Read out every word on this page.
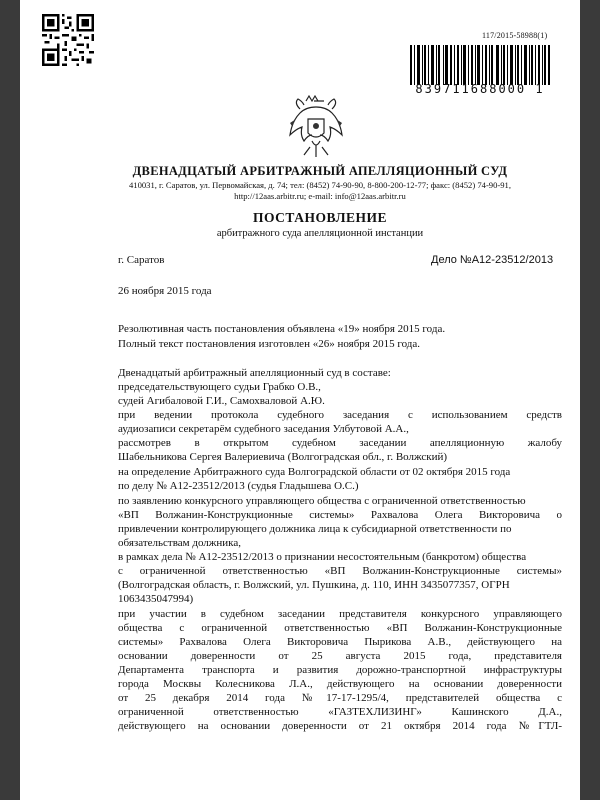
117/2015-58988(1)
839711688000 1
ДВЕНАДЦАТЫЙ АРБИТРАЖНЫЙ АПЕЛЛЯЦИОННЫЙ СУД
410031, г. Саратов, ул. Первомайская, д. 74; тел: (8452) 74-90-90, 8-800-200-12-77; факс: (8452) 74-90-91,
http://12aas.arbitr.ru; e-mail: info@12aas.arbitr.ru
ПОСТАНОВЛЕНИЕ
арбитражного суда апелляционной инстанции
г. Саратов	Дело №А12-23512/2013
26 ноября 2015 года
Резолютивная часть постановления объявлена «19» ноября 2015 года.
Полный текст постановления изготовлен «26» ноября 2015 года.
Двенадцатый арбитражный апелляционный суд в составе:
председательствующего судьи Грабко О.В.,
судей Агибаловой Г.И., Самохваловой А.Ю.
при ведении протокола судебного заседания с использованием средств
аудиозаписи секретарём судебного заседания Улбутовой А.А.,
рассмотрев в открытом судебном заседании апелляционную жалобу
Шабельникова Сергея Валериевича (Волгоградская обл., г. Волжский)
на определение Арбитражного суда Волгоградской области от 02 октября 2015 года
по делу № А12-23512/2013 (судья Гладышева О.С.)
по заявлению конкурсного управляющего общества с ограниченной ответственностью
«ВП Волжанин-Конструкционные системы» Рахвалова Олега Викторовича о
привлечении контролирующего должника лица к субсидиарной ответственности по
обязательствам должника,
в рамках дела № А12-23512/2013 о признании несостоятельным (банкротом) общества
с ограниченной ответственностью «ВП Волжанин-Конструкционные системы»
(Волгоградская область, г. Волжский, ул. Пушкина, д. 110, ИНН 3435077357, ОГРН
1063435047994)
при участии в судебном заседании представителя конкурсного управляющего
общества с ограниченной ответственностью «ВП Волжанин-Конструкционные
системы» Рахвалова Олега Викторовича Пырикова А.В., действующего на
основании доверенности от 25 августа 2015 года, представителя
Департамента транспорта и развития дорожно-транспортной инфраструктуры
города Москвы Колесникова Л.А., действующего на основании доверенности
от 25 декабря 2014 года №17-17-1295/4, представителей общества с
ограниченной ответственностью «ГАЗТЕХЛИЗИНГ» Кашинского Д.А.,
действующего на основании доверенности от 21 октября 2014 года №ГТЛ-
